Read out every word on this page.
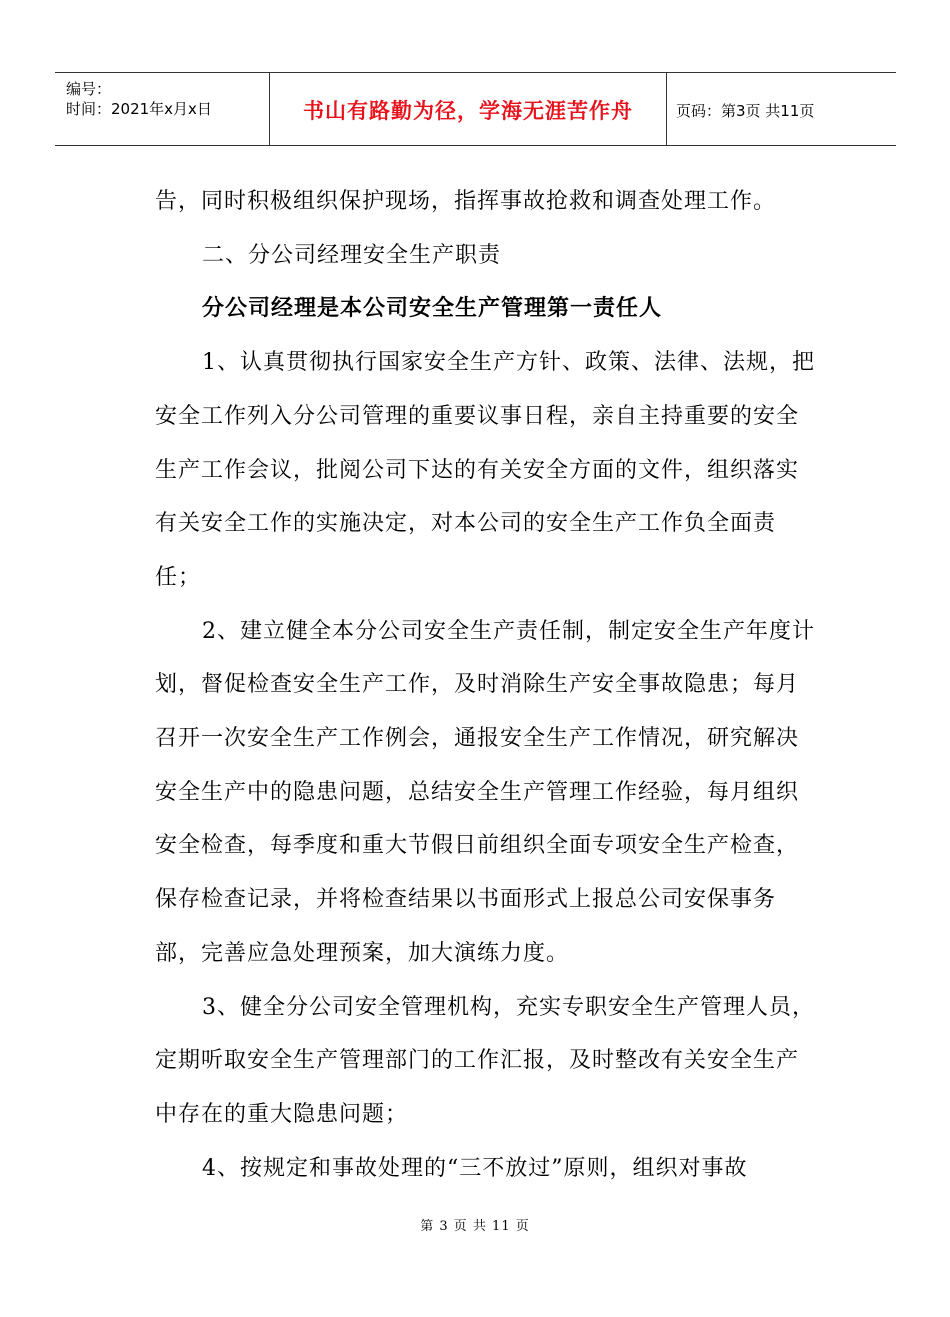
编号：
时间：2021年x月x日	书山有路勤为径，学海无涯苦作舟	页码：第3页 共11页

告，同时积极组织保护现场，指挥事故抢救和调查处理工作。

二、分公司经理安全生产职责

分公司经理是本公司安全生产管理第一责任人

1、认真贯彻执行国家安全生产方针、政策、法律、法规，把安全工作列入分公司管理的重要议事日程，亲自主持重要的安全生产工作会议，批阅公司下达的有关安全方面的文件，组织落实有关安全工作的实施决定，对本公司的安全生产工作负全面责任；

2、建立健全本分公司安全生产责任制，制定安全生产年度计划，督促检查安全生产工作，及时消除生产安全事故隐患；每月召开一次安全生产工作例会，通报安全生产工作情况，研究解决安全生产中的隐患问题，总结安全生产管理工作经验，每月组织安全检查，每季度和重大节假日前组织全面专项安全生产检查，保存检查记录，并将检查结果以书面形式上报总公司安保事务部，完善应急处理预案，加大演练力度。

3、健全分公司安全管理机构，充实专职安全生产管理人员，定期听取安全生产管理部门的工作汇报，及时整改有关安全生产中存在的重大隐患问题；

4、按规定和事故处理的“三不放过”原则，组织对事故

第 3 页 共 11 页
